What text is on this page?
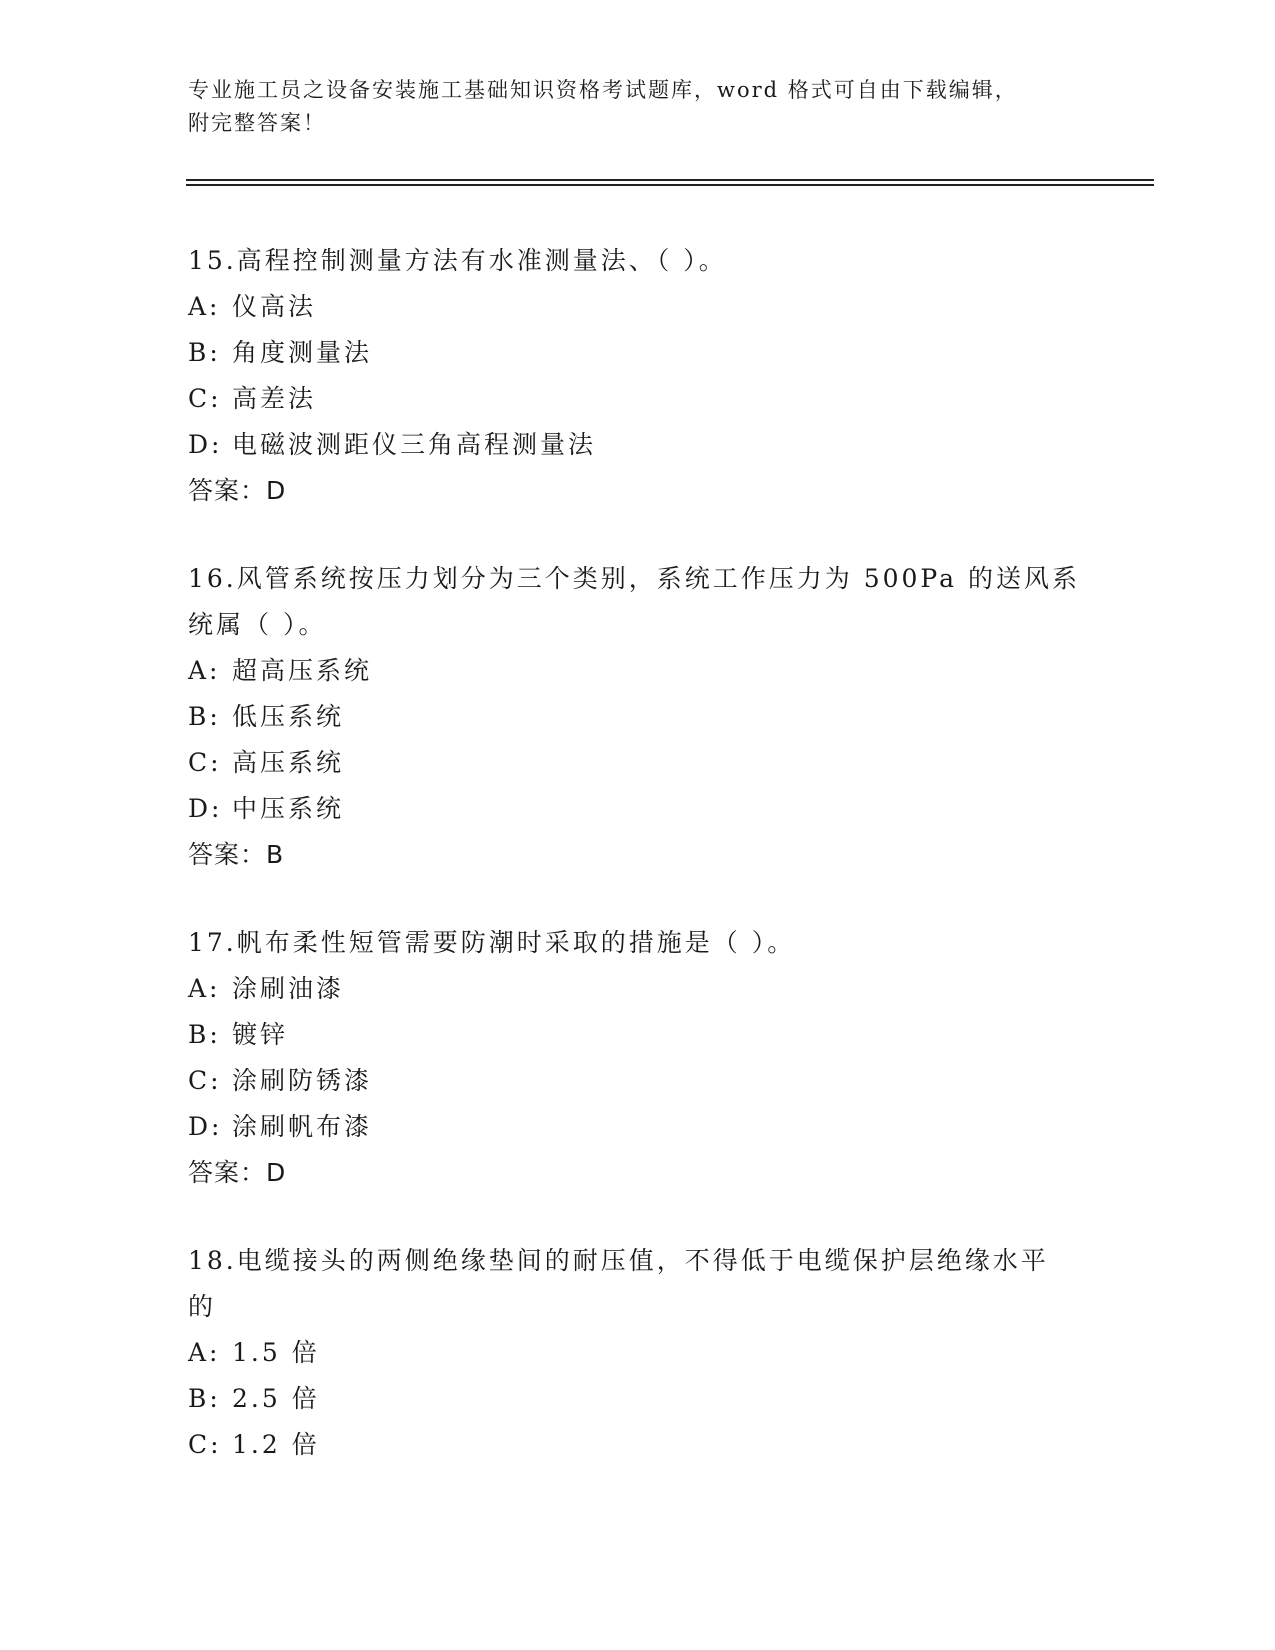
专业施工员之设备安装施工基础知识资格考试题库，word 格式可自由下载编辑，
附完整答案！
15.高程控制测量方法有水准测量法、（ ）。
A: 仪高法
B: 角度测量法
C: 高差法
D: 电磁波测距仪三角高程测量法
答案：D
16.风管系统按压力划分为三个类别，系统工作压力为 500Pa 的送风系
统属（ ）。
A: 超高压系统
B: 低压系统
C: 高压系统
D: 中压系统
答案：B
17.帆布柔性短管需要防潮时采取的措施是（ ）。
A: 涂刷油漆
B: 镀锌
C: 涂刷防锈漆
D: 涂刷帆布漆
答案：D
18.电缆接头的两侧绝缘垫间的耐压值，不得低于电缆保护层绝缘水平
的
A: 1.5 倍
B: 2.5 倍
C: 1.2 倍
